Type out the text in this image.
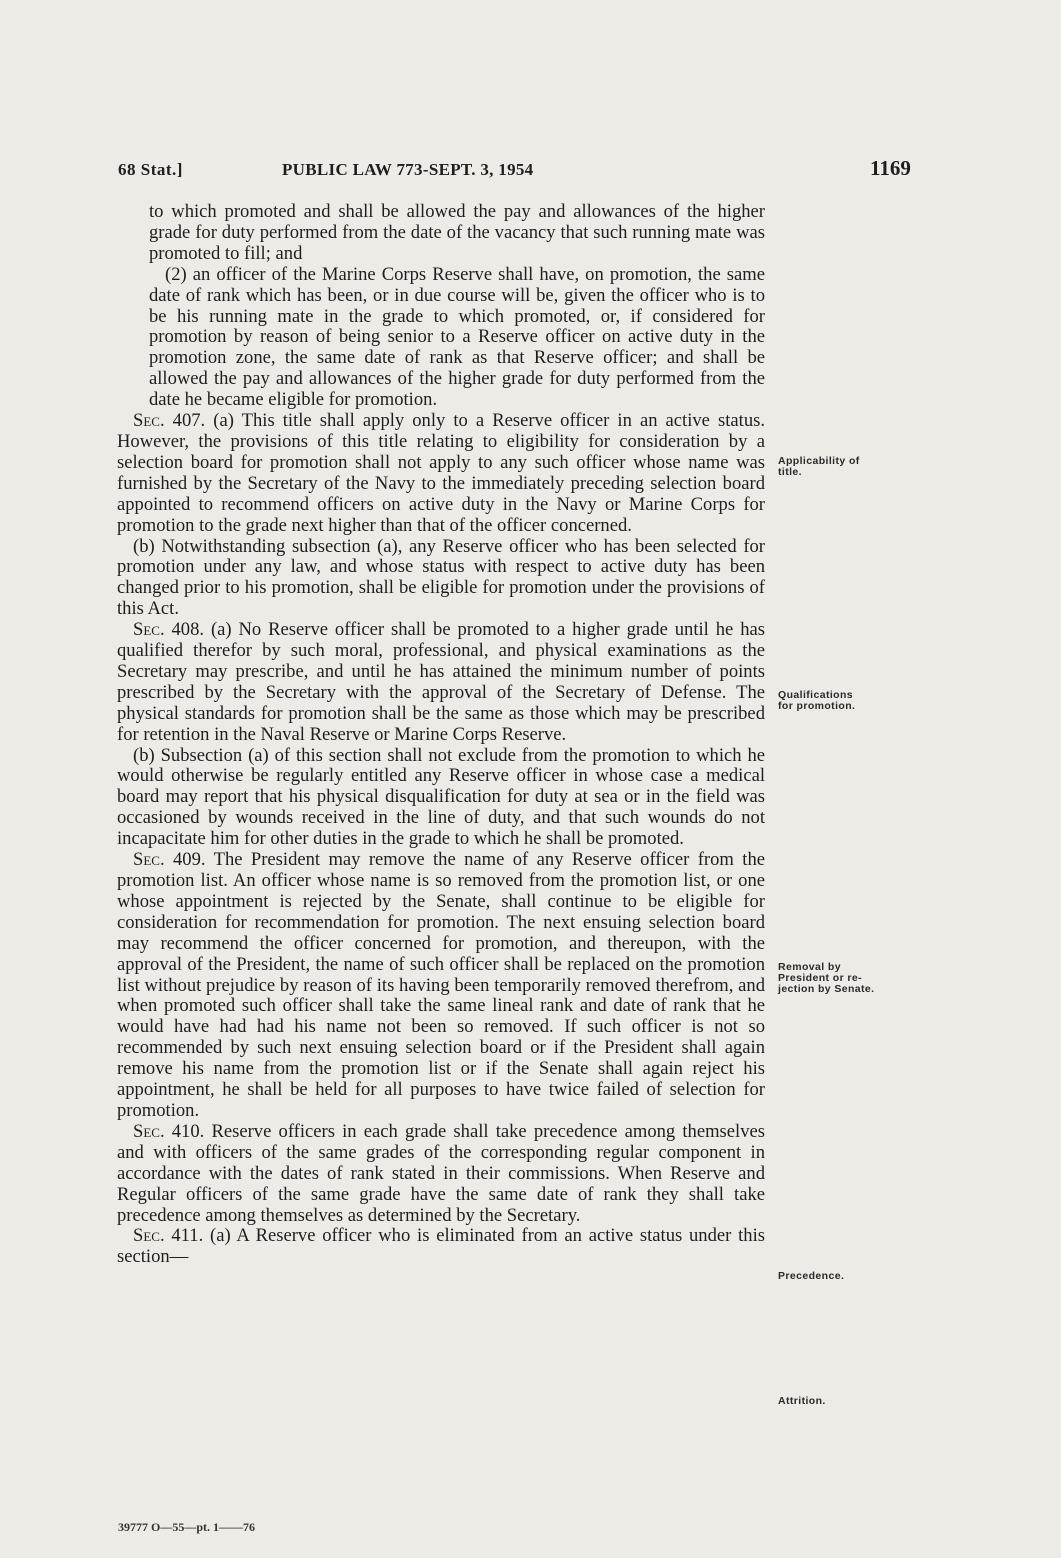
68 Stat.]	PUBLIC LAW 773-SEPT. 3, 1954	1169

to which promoted and shall be allowed the pay and allowances of the higher grade for duty performed from the date of the vacancy that such running mate was promoted to fill; and

(2) an officer of the Marine Corps Reserve shall have, on promotion, the same date of rank which has been, or in due course will be, given the officer who is to be his running mate in the grade to which promoted, or, if considered for promotion by reason of being senior to a Reserve officer on active duty in the promotion zone, the same date of rank as that Reserve officer; and shall be allowed the pay and allowances of the higher grade for duty performed from the date he became eligible for promotion.

Sec. 407. (a) This title shall apply only to a Reserve officer in an active status. However, the provisions of this title relating to eligibility for consideration by a selection board for promotion shall not apply to any such officer whose name was furnished by the Secretary of the Navy to the immediately preceding selection board appointed to recommend officers on active duty in the Navy or Marine Corps for promotion to the grade next higher than that of the officer concerned.

(b) Notwithstanding subsection (a), any Reserve officer who has been selected for promotion under any law, and whose status with respect to active duty has been changed prior to his promotion, shall be eligible for promotion under the provisions of this Act.

Sec. 408. (a) No Reserve officer shall be promoted to a higher grade until he has qualified therefor by such moral, professional, and physical examinations as the Secretary may prescribe, and until he has attained the minimum number of points prescribed by the Secretary with the approval of the Secretary of Defense. The physical standards for promotion shall be the same as those which may be prescribed for retention in the Naval Reserve or Marine Corps Reserve.

(b) Subsection (a) of this section shall not exclude from the promotion to which he would otherwise be regularly entitled any Reserve officer in whose case a medical board may report that his physical disqualification for duty at sea or in the field was occasioned by wounds received in the line of duty, and that such wounds do not incapacitate him for other duties in the grade to which he shall be promoted.

Sec. 409. The President may remove the name of any Reserve officer from the promotion list. An officer whose name is so removed from the promotion list, or one whose appointment is rejected by the Senate, shall continue to be eligible for consideration for recommendation for promotion. The next ensuing selection board may recommend the officer concerned for promotion, and thereupon, with the approval of the President, the name of such officer shall be replaced on the promotion list without prejudice by reason of its having been temporarily removed therefrom, and when promoted such officer shall take the same lineal rank and date of rank that he would have had had his name not been so removed. If such officer is not so recommended by such next ensuing selection board or if the President shall again remove his name from the promotion list or if the Senate shall again reject his appointment, he shall be held for all purposes to have twice failed of selection for promotion.

Sec. 410. Reserve officers in each grade shall take precedence among themselves and with officers of the same grades of the corresponding regular component in accordance with the dates of rank stated in their commissions. When Reserve and Regular officers of the same grade have the same date of rank they shall take precedence among themselves as determined by the Secretary.

Sec. 411. (a) A Reserve officer who is eliminated from an active status under this section—

Applicability of
title.
Qualifications
for promotion.
Removal by
President or re-
jection by Senate.
Precedence.
Attrition.
39777 O—55—pt. 1——76
